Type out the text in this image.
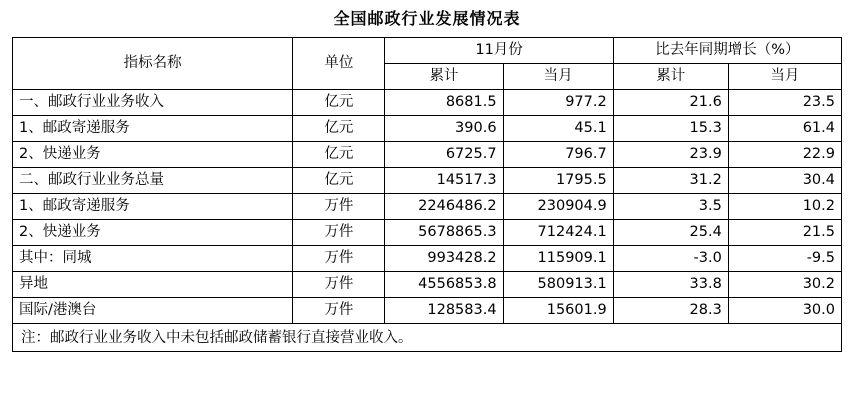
全国邮政行业发展情况表
指标名称	单位	11月份		比去年同期增长（%）	
		累计	当月	累计	当月
一、邮政行业业务收入	亿元	8681.5	977.2	21.6	23.5
1、邮政寄递服务	亿元	390.6	45.1	15.3	61.4
2、快递业务	亿元	6725.7	796.7	23.9	22.9
二、邮政行业业务总量	亿元	14517.3	1795.5	31.2	30.4
1、邮政寄递服务	万件	2246486.2	230904.9	3.5	10.2
2、快递业务	万件	5678865.3	712424.1	25.4	21.5
其中：同城	万件	993428.2	115909.1	-3.0	-9.5
异地	万件	4556853.8	580913.1	33.8	30.2
国际/港澳台	万件	128583.4	15601.9	28.3	30.0
注：邮政行业业务收入中未包括邮政储蓄银行直接营业收入。
